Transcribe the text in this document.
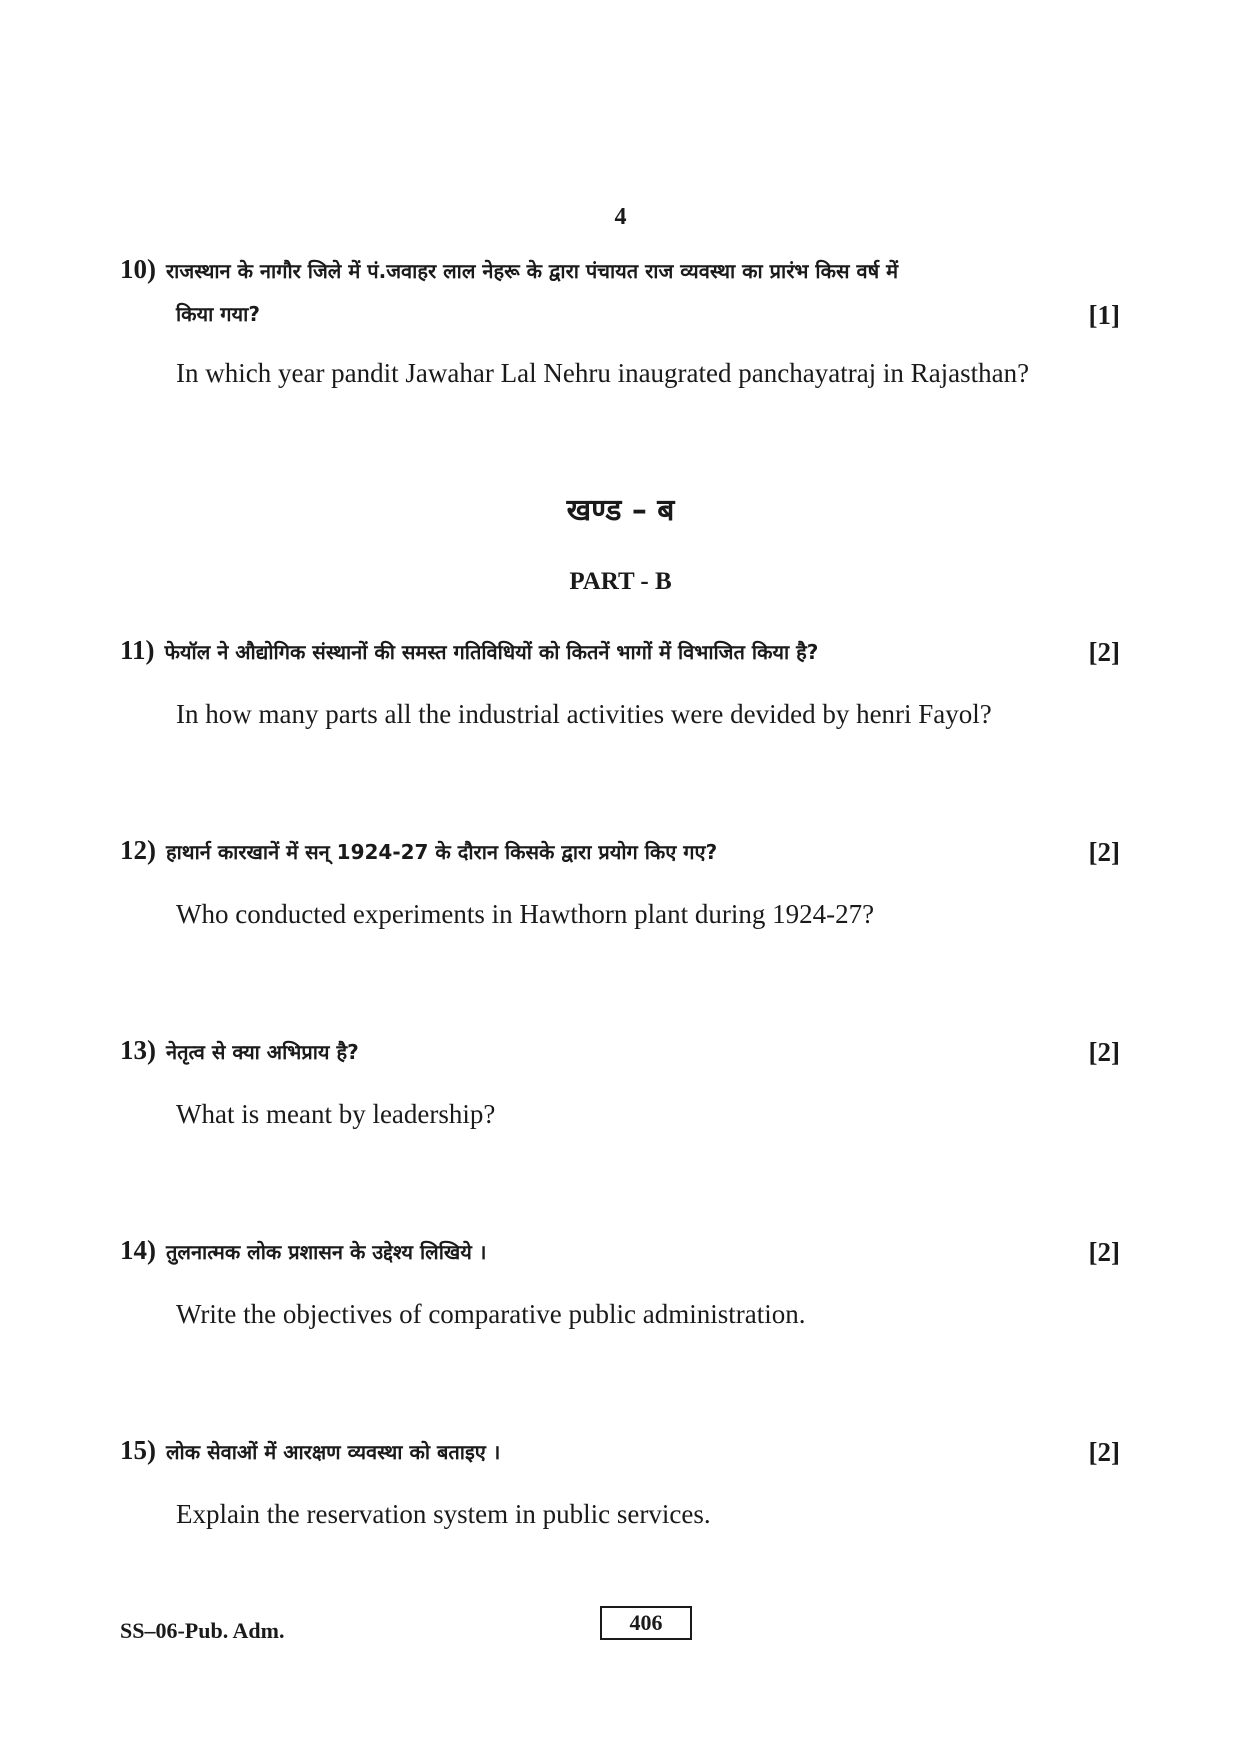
4
10) राजस्थान के नागौर जिले में पं.जवाहर लाल नेहरू के द्वारा पंचायत राज व्यवस्था का प्रारंभ किस वर्ष में
किया गया?	[1]
In which year pandit Jawahar Lal Nehru inaugrated panchayatraj in Rajasthan?
खण्ड – ब
PART - B
11) फेयॉल ने औद्योगिक संस्थानों की समस्त गतिविधियों को कितनें भागों में विभाजित किया है?	[2]
In how many parts all the industrial activities were devided by henri Fayol?
12) हाथार्न कारखानें में सन् 1924-27 के दौरान किसके द्वारा प्रयोग किए गए?	[2]
Who conducted experiments in Hawthorn plant during 1924-27?
13) नेतृत्व से क्या अभिप्राय है?	[2]
What is meant by leadership?
14) तुलनात्मक लोक प्रशासन के उद्देश्य लिखिये ।	[2]
Write the objectives of comparative public administration.
15) लोक सेवाओं में आरक्षण व्यवस्था को बताइए ।	[2]
Explain the reservation system in public services.
SS–06-Pub. Adm.	406
